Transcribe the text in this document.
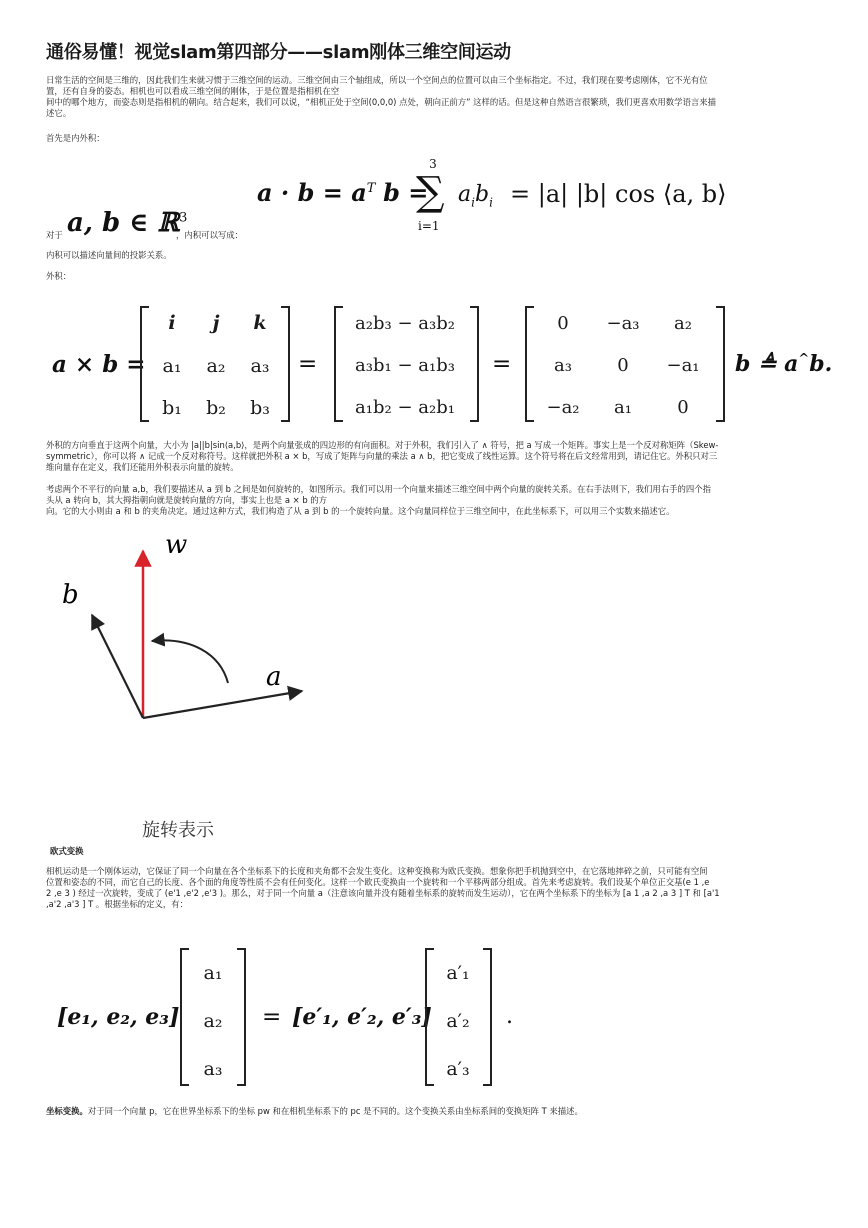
通俗易懂！视觉slam第四部分——slam刚体三维空间运动
日常生活的空间是三维的，因此我们生来就习惯于三维空间的运动。三维空间由三个轴组成，所以一个空间点的位置可以由三个坐标指定。不过，我们现在要考虑刚体，它不光有位
置，还有自身的姿态。相机也可以看成三维空间的刚体，于是位置是指相机在空
间中的哪个地方，而姿态则是指相机的朝向。结合起来，我们可以说，“相机正处于空间(0,0,0) 点处，朝向正前方” 这样的话。但是这种自然语言很繁琐，我们更喜欢用数学语言来描
述它。
首先是内外积：
$a \cdot b = a^T$ b =
3
∑
i=1
$a_ib_i = |a|$ |b| cos ⟨a, b⟩
对于 a, b ∈ ℝ$^3$
，内积可以写成：
内积可以描述向量间的投影关系。
外积：
a × b =
i	j	k
a₁	a₂	a₃
b₁	b₂	b₃
=
a₂b₃ − a₃b₂
a₃b₁ − a₁b₃
a₁b₂ − a₂b₁
=
0	−a₃	a₂
a₃	0	−a₁
−a₂	a₁	0
b ≜ a^b.
外积的方向垂直于这两个向量，大小为 |a||b|sin⟨a,b⟩，是两个向量张成的四边形的有向面积。对于外积，我们引入了 ∧ 符号，把 a 写成一个矩阵。事实上是一个反对称矩阵（Skew-
symmetric），你可以将 ∧ 记成一个反对称符号。这样就把外积 a × b，写成了矩阵与向量的乘法 a ∧ b，把它变成了线性运算。这个符号将在后文经常用到，请记住它。外积只对三
维向量存在定义，我们还能用外积表示向量的旋转。
考虑两个不平行的向量 a,b，我们要描述从 a 到 b 之间是如何旋转的，如图所示。我们可以用一个向量来描述三维空间中两个向量的旋转关系。在右手法则下，我们用右手的四个指
头从 a 转向 b，其大拇指朝向就是旋转向量的方向，事实上也是 a × b 的方
向。它的大小则由 a 和 b 的夹角决定。通过这种方式，我们构造了从 a 到 b 的一个旋转向量。这个向量同样位于三维空间中，在此坐标系下，可以用三个实数来描述它。
w
b
a
旋转表示
欧式变换
相机运动是一个刚体运动，它保证了同一个向量在各个坐标系下的长度和夹角都不会发生变化。这种变换称为欧氏变换。想象你把手机抛到空中，在它落地摔碎之前，只可能有空间
位置和姿态的不同，而它自己的长度、各个面的角度等性质不会有任何变化。这样一个欧氏变换由一个旋转和一个平移两部分组成。首先来考虑旋转。我们设某个单位正交基(e 1 ,e
2 ,e 3 ) 经过一次旋转，变成了 (e'1 ,e'2 ,e'3 )。那么，对于同一个向量 a（注意该向量并没有随着坐标系的旋转而发生运动），它在两个坐标系下的坐标为 [a 1 ,a 2 ,a 3 ] T 和 [a'1
,a'2 ,a'3 ] T 。根据坐标的定义，有：
[e₁, e₂, e₃]
a₁
a₂
a₃
= [e′₁, e′₂, e′₃]
a′₁
a′₂
a′₃
.
坐标变换。对于同一个向量 p，它在世界坐标系下的坐标 pw 和在相机坐标系下的 pc 是不同的。这个变换关系由坐标系间的变换矩阵 T 来描述。
